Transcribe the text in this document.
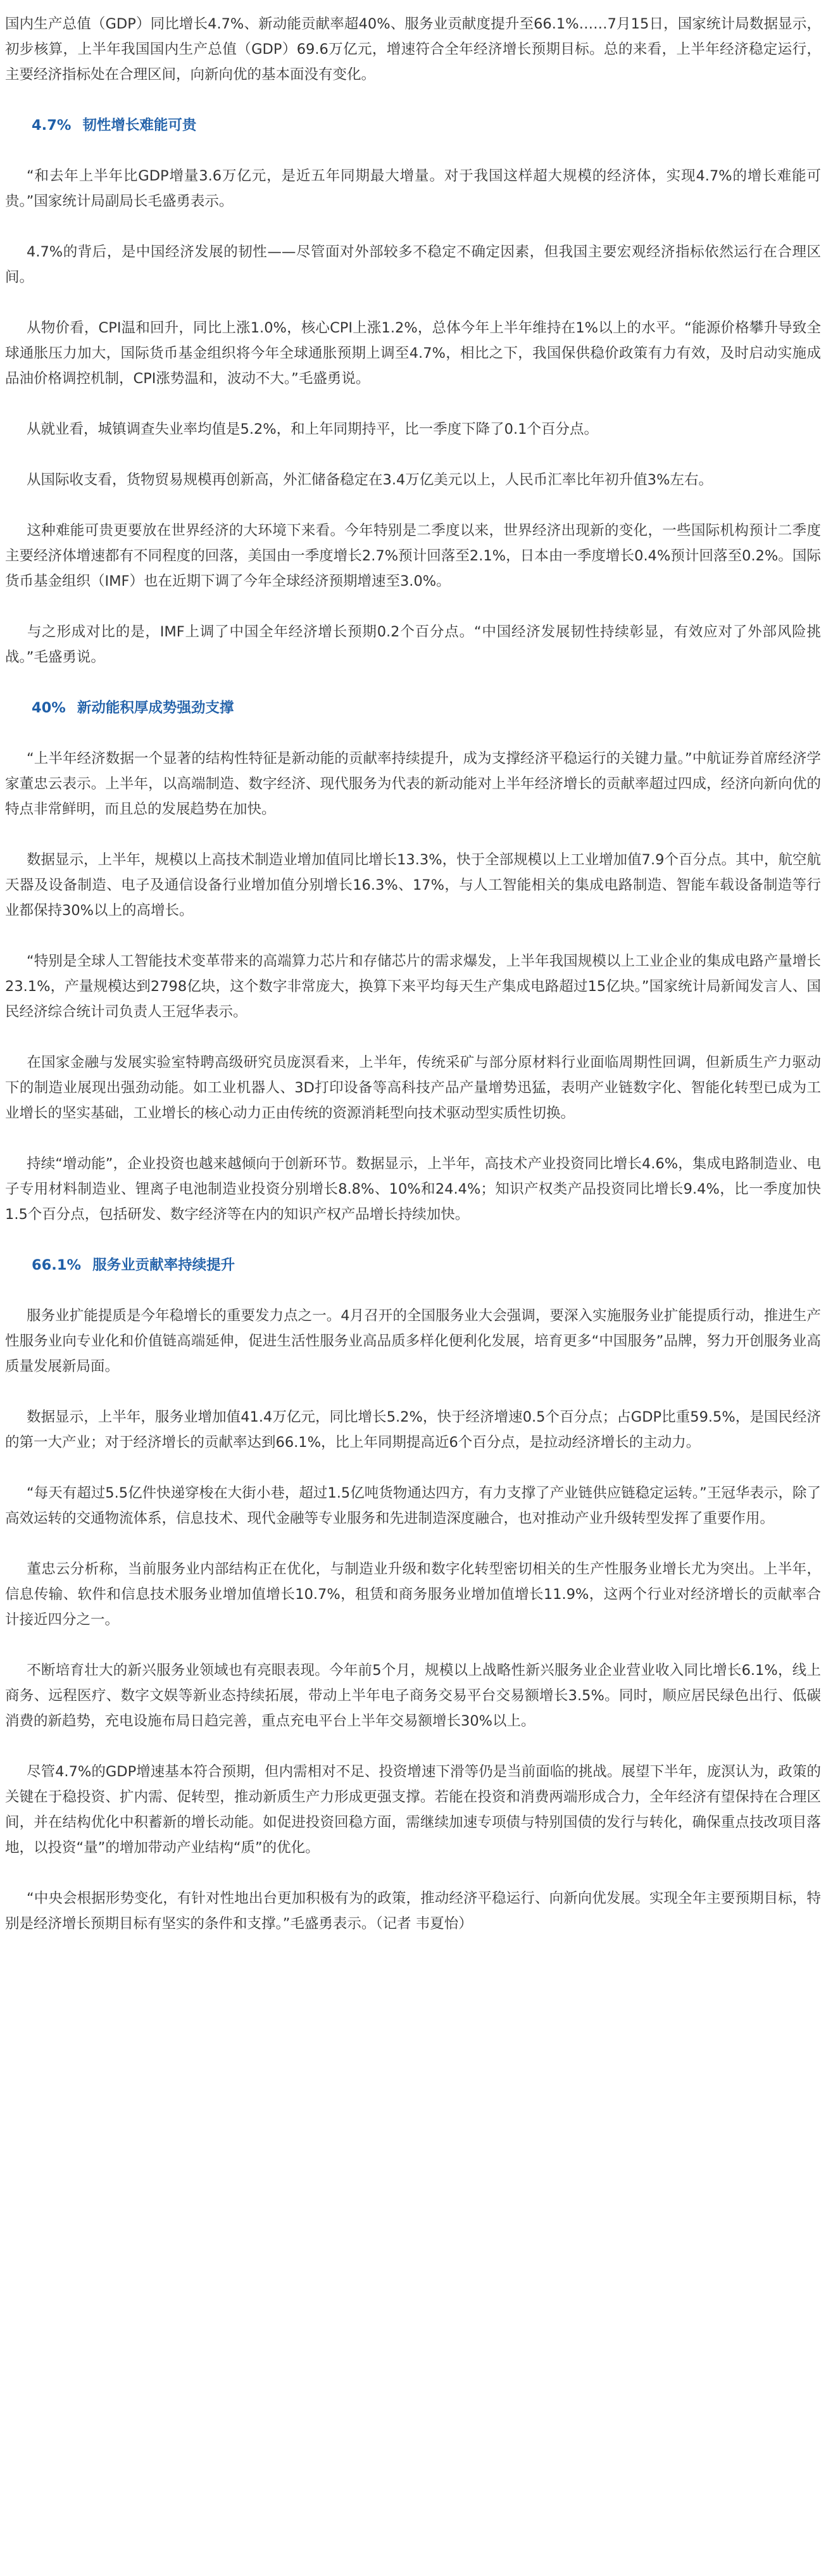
国内生产总值（GDP）同比增长4.7%、新动能贡献率超40%、服务业贡献度提升至66.1%……7月15日，国家统计局数据显示，初步核算，上半年我国国内生产总值（GDP）69.6万亿元，增速符合全年经济增长预期目标。总的来看，上半年经济稳定运行，主要经济指标处在合理区间，向新向优的基本面没有变化。

4.7% 韧性增长难能可贵

“和去年上半年比GDP增量3.6万亿元，是近五年同期最大增量。对于我国这样超大规模的经济体，实现4.7%的增长难能可贵。”国家统计局副局长毛盛勇表示。

4.7%的背后，是中国经济发展的韧性——尽管面对外部较多不稳定不确定因素，但我国主要宏观经济指标依然运行在合理区间。

从物价看，CPI温和回升，同比上涨1.0%，核心CPI上涨1.2%，总体今年上半年维持在1%以上的水平。“能源价格攀升导致全球通胀压力加大，国际货币基金组织将今年全球通胀预期上调至4.7%，相比之下，我国保供稳价政策有力有效，及时启动实施成品油价格调控机制，CPI涨势温和，波动不大。”毛盛勇说。

从就业看，城镇调查失业率均值是5.2%，和上年同期持平，比一季度下降了0.1个百分点。

从国际收支看，货物贸易规模再创新高，外汇储备稳定在3.4万亿美元以上，人民币汇率比年初升值3%左右。

这种难能可贵更要放在世界经济的大环境下来看。今年特别是二季度以来，世界经济出现新的变化，一些国际机构预计二季度主要经济体增速都有不同程度的回落，美国由一季度增长2.7%预计回落至2.1%，日本由一季度增长0.4%预计回落至0.2%。国际货币基金组织（IMF）也在近期下调了今年全球经济预期增速至3.0%。

与之形成对比的是，IMF上调了中国全年经济增长预期0.2个百分点。“中国经济发展韧性持续彰显，有效应对了外部风险挑战。”毛盛勇说。

40% 新动能积厚成势强劲支撑

“上半年经济数据一个显著的结构性特征是新动能的贡献率持续提升，成为支撑经济平稳运行的关键力量。”中航证券首席经济学家董忠云表示。上半年，以高端制造、数字经济、现代服务为代表的新动能对上半年经济增长的贡献率超过四成，经济向新向优的特点非常鲜明，而且总的发展趋势在加快。

数据显示，上半年，规模以上高技术制造业增加值同比增长13.3%，快于全部规模以上工业增加值7.9个百分点。其中，航空航天器及设备制造、电子及通信设备行业增加值分别增长16.3%、17%，与人工智能相关的集成电路制造、智能车载设备制造等行业都保持30%以上的高增长。

“特别是全球人工智能技术变革带来的高端算力芯片和存储芯片的需求爆发，上半年我国规模以上工业企业的集成电路产量增长23.1%，产量规模达到2798亿块，这个数字非常庞大，换算下来平均每天生产集成电路超过15亿块。”国家统计局新闻发言人、国民经济综合统计司负责人王冠华表示。

在国家金融与发展实验室特聘高级研究员庞溟看来，上半年，传统采矿与部分原材料行业面临周期性回调，但新质生产力驱动下的制造业展现出强劲动能。如工业机器人、3D打印设备等高科技产品产量增势迅猛，表明产业链数字化、智能化转型已成为工业增长的坚实基础，工业增长的核心动力正由传统的资源消耗型向技术驱动型实质性切换。

持续“增动能”，企业投资也越来越倾向于创新环节。数据显示，上半年，高技术产业投资同比增长4.6%，集成电路制造业、电子专用材料制造业、锂离子电池制造业投资分别增长8.8%、10%和24.4%；知识产权类产品投资同比增长9.4%，比一季度加快1.5个百分点，包括研发、数字经济等在内的知识产权产品增长持续加快。

66.1% 服务业贡献率持续提升

服务业扩能提质是今年稳增长的重要发力点之一。4月召开的全国服务业大会强调，要深入实施服务业扩能提质行动，推进生产性服务业向专业化和价值链高端延伸，促进生活性服务业高品质多样化便利化发展，培育更多“中国服务”品牌，努力开创服务业高质量发展新局面。

数据显示，上半年，服务业增加值41.4万亿元，同比增长5.2%，快于经济增速0.5个百分点；占GDP比重59.5%，是国民经济的第一大产业；对于经济增长的贡献率达到66.1%，比上年同期提高近6个百分点，是拉动经济增长的主动力。

“每天有超过5.5亿件快递穿梭在大街小巷，超过1.5亿吨货物通达四方，有力支撑了产业链供应链稳定运转。”王冠华表示，除了高效运转的交通物流体系，信息技术、现代金融等专业服务和先进制造深度融合，也对推动产业升级转型发挥了重要作用。

董忠云分析称，当前服务业内部结构正在优化，与制造业升级和数字化转型密切相关的生产性服务业增长尤为突出。上半年，信息传输、软件和信息技术服务业增加值增长10.7%，租赁和商务服务业增加值增长11.9%，这两个行业对经济增长的贡献率合计接近四分之一。

不断培育壮大的新兴服务业领域也有亮眼表现。今年前5个月，规模以上战略性新兴服务业企业营业收入同比增长6.1%，线上商务、远程医疗、数字文娱等新业态持续拓展，带动上半年电子商务交易平台交易额增长3.5%。同时，顺应居民绿色出行、低碳消费的新趋势，充电设施布局日趋完善，重点充电平台上半年交易额增长30%以上。

尽管4.7%的GDP增速基本符合预期，但内需相对不足、投资增速下滑等仍是当前面临的挑战。展望下半年，庞溟认为，政策的关键在于稳投资、扩内需、促转型，推动新质生产力形成更强支撑。若能在投资和消费两端形成合力，全年经济有望保持在合理区间，并在结构优化中积蓄新的增长动能。如促进投资回稳方面，需继续加速专项债与特别国债的发行与转化，确保重点技改项目落地，以投资“量”的增加带动产业结构“质”的优化。

“中央会根据形势变化，有针对性地出台更加积极有为的政策，推动经济平稳运行、向新向优发展。实现全年主要预期目标，特别是经济增长预期目标有坚实的条件和支撑。”毛盛勇表示。（记者 韦夏怡）
